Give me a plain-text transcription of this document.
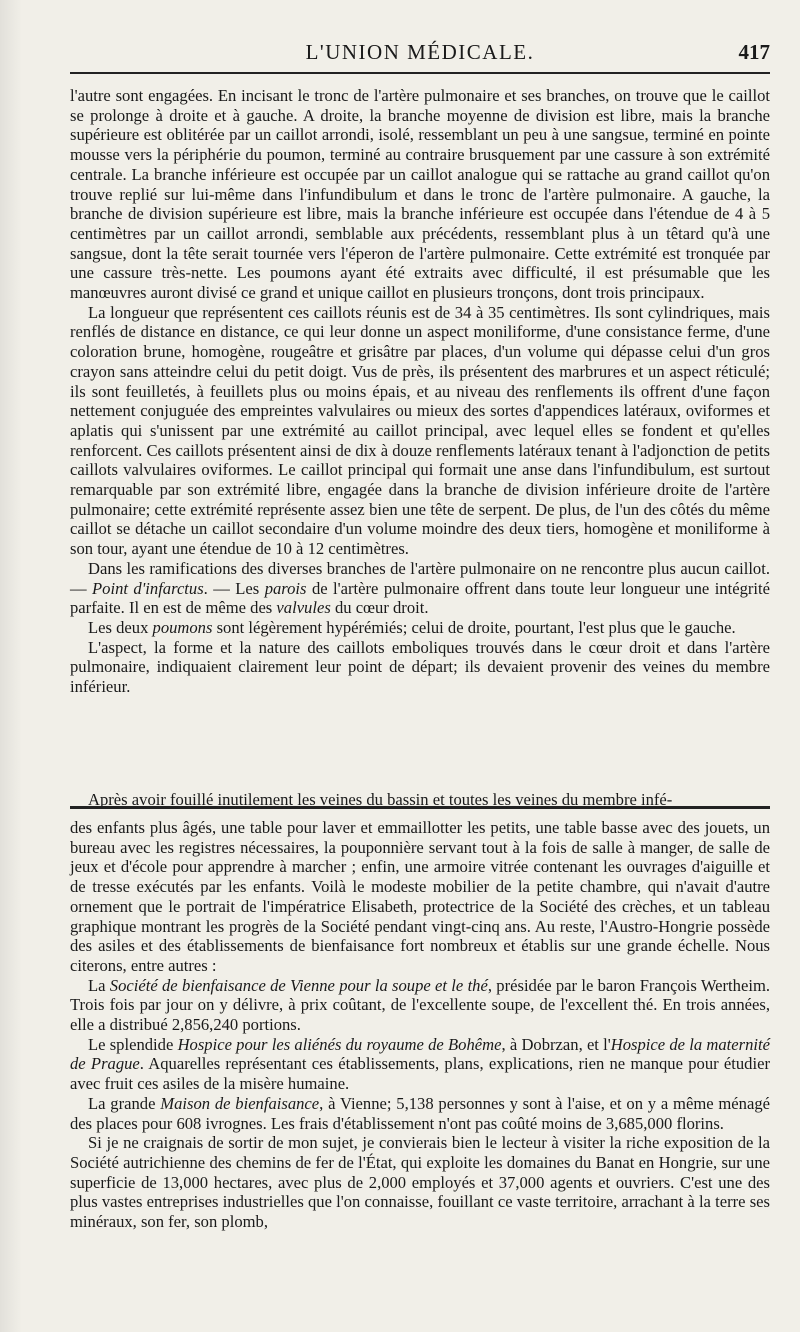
L'UNION MÉDICALE.	417

l'autre sont engagées. En incisant le tronc de l'artère pulmonaire et ses branches, on trouve que le caillot se prolonge à droite et à gauche. A droite, la branche moyenne de division est libre, mais la branche supérieure est oblitérée par un caillot arrondi, isolé, ressemblant un peu à une sangsue, terminé en pointe mousse vers la périphérie du poumon, terminé au contraire brusquement par une cassure à son extrémité centrale. La branche inférieure est occupée par un caillot analogue qui se rattache au grand caillot qu'on trouve replié sur lui-même dans l'infundibulum et dans le tronc de l'artère pulmonaire. A gauche, la branche de division supérieure est libre, mais la branche inférieure est occupée dans l'étendue de 4 à 5 centimètres par un caillot arrondi, semblable aux précédents, ressemblant plus à un têtard qu'à une sangsue, dont la tête serait tournée vers l'éperon de l'artère pulmonaire. Cette extrémité est tronquée par une cassure très-nette. Les poumons ayant été extraits avec difficulté, il est présumable que les manœuvres auront divisé ce grand et unique caillot en plusieurs tronçons, dont trois principaux.

La longueur que représentent ces caillots réunis est de 34 à 35 centimètres. Ils sont cylindriques, mais renflés de distance en distance, ce qui leur donne un aspect moniliforme, d'une consistance ferme, d'une coloration brune, homogène, rougeâtre et grisâtre par places, d'un volume qui dépasse celui d'un gros crayon sans atteindre celui du petit doigt. Vus de près, ils présentent des marbrures et un aspect réticulé; ils sont feuilletés, à feuillets plus ou moins épais, et au niveau des renflements ils offrent d'une façon nettement conjuguée des empreintes valvulaires ou mieux des sortes d'appendices latéraux, oviformes et aplatis qui s'unissent par une extrémité au caillot principal, avec lequel elles se fondent et qu'elles renforcent. Ces caillots présentent ainsi de dix à douze renflements latéraux tenant à l'adjonction de petits caillots valvulaires oviformes. Le caillot principal qui formait une anse dans l'infundibulum, est surtout remarquable par son extrémité libre, engagée dans la branche de division inférieure droite de l'artère pulmonaire; cette extrémité représente assez bien une tête de serpent. De plus, de l'un des côtés du même caillot se détache un caillot secondaire d'un volume moindre des deux tiers, homogène et moniliforme à son tour, ayant une étendue de 10 à 12 centimètres.

Dans les ramifications des diverses branches de l'artère pulmonaire on ne rencontre plus aucun caillot. — Point d'infarctus. — Les parois de l'artère pulmonaire offrent dans toute leur longueur une intégrité parfaite. Il en est de même des valvules du cœur droit.

Les deux poumons sont légèrement hypérémiés; celui de droite, pourtant, l'est plus que le gauche.

L'aspect, la forme et la nature des caillots emboliques trouvés dans le cœur droit et dans l'artère pulmonaire, indiquaient clairement leur point de départ; ils devaient provenir des veines du membre inférieur.

Après avoir fouillé inutilement les veines du bassin et toutes les veines du membre infé-

des enfants plus âgés, une table pour laver et emmaillotter les petits, une table basse avec des jouets, un bureau avec les registres nécessaires, la pouponnière servant tout à la fois de salle à manger, de salle de jeux et d'école pour apprendre à marcher ; enfin, une armoire vitrée contenant les ouvrages d'aiguille et de tresse exécutés par les enfants. Voilà le modeste mobilier de la petite chambre, qui n'avait d'autre ornement que le portrait de l'impératrice Elisabeth, protectrice de la Société des crèches, et un tableau graphique montrant les progrès de la Société pendant vingt-cinq ans. Au reste, l'Austro-Hongrie possède des asiles et des établissements de bienfaisance fort nombreux et établis sur une grande échelle. Nous citerons, entre autres :

La Société de bienfaisance de Vienne pour la soupe et le thé, présidée par le baron François Wertheim. Trois fois par jour on y délivre, à prix coûtant, de l'excellente soupe, de l'excellent thé. En trois années, elle a distribué 2,856,240 portions.

Le splendide Hospice pour les aliénés du royaume de Bohême, à Dobrzan, et l'Hospice de la maternité de Prague. Aquarelles représentant ces établissements, plans, explications, rien ne manque pour étudier avec fruit ces asiles de la misère humaine.

La grande Maison de bienfaisance, à Vienne; 5,138 personnes y sont à l'aise, et on y a même ménagé des places pour 608 ivrognes. Les frais d'établissement n'ont pas coûté moins de 3,685,000 florins.

Si je ne craignais de sortir de mon sujet, je convierais bien le lecteur à visiter la riche exposition de la Société autrichienne des chemins de fer de l'État, qui exploite les domaines du Banat en Hongrie, sur une superficie de 13,000 hectares, avec plus de 2,000 employés et 37,000 agents et ouvriers. C'est une des plus vastes entreprises industrielles que l'on connaisse, fouillant ce vaste territoire, arrachant à la terre ses minéraux, son fer, son plomb,
